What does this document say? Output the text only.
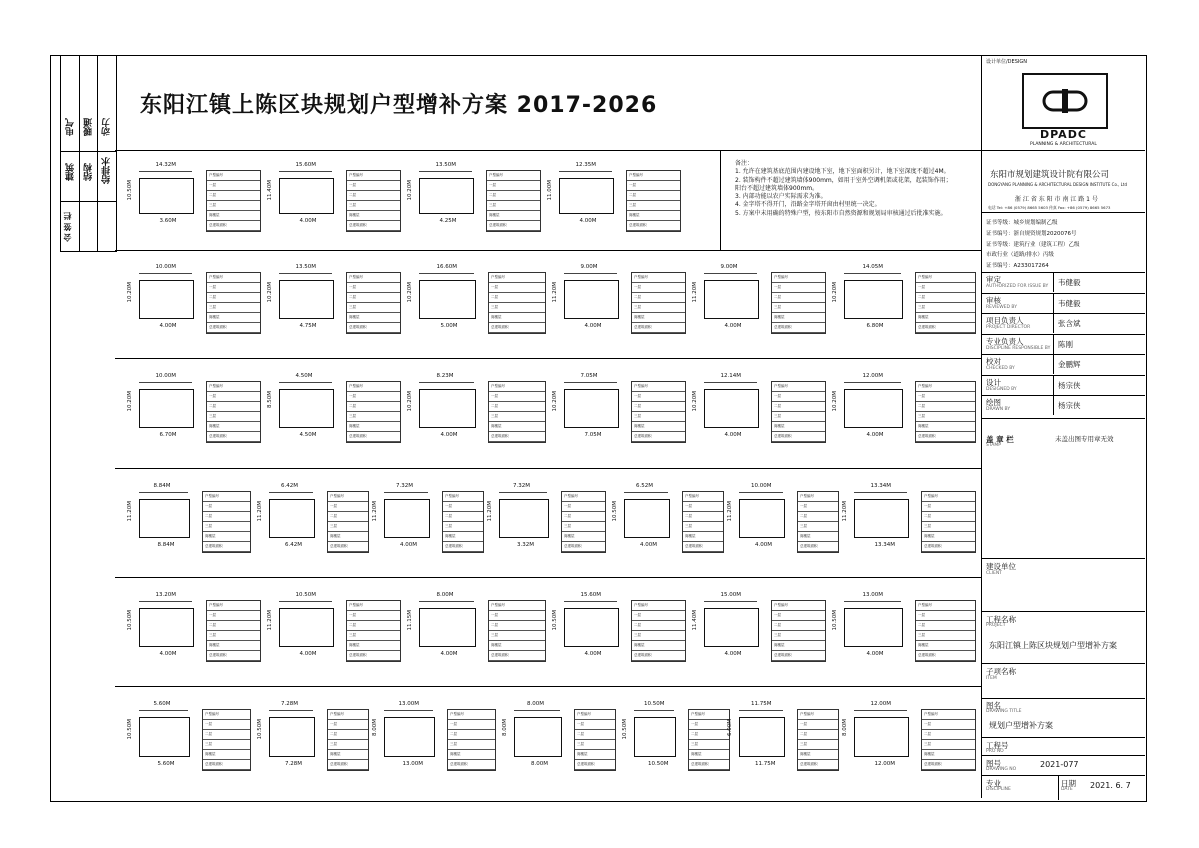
电气 暖通 动力
建筑 结构 给排水
会 签 栏
东阳江镇上陈区块规划户型增补方案 2017-2026
14.32M
10.50M
3.60M
户型编号
一层
二层
三层
阁楼层
总建筑面积
15.60M
11.40M
4.00M
户型编号
一层
二层
三层
阁楼层
总建筑面积
13.50M
10.20M
4.25M
户型编号
一层
二层
三层
阁楼层
总建筑面积
12.35M
11.00M
4.00M
户型编号
一层
二层
三层
阁楼层
总建筑面积
10.00M
10.20M
4.00M
户型编号
一层
二层
三层
阁楼层
总建筑面积
13.50M
10.20M
4.75M
户型编号
一层
二层
三层
阁楼层
总建筑面积
16.60M
10.20M
5.00M
户型编号
一层
二层
三层
阁楼层
总建筑面积
9.00M
11.20M
4.00M
户型编号
一层
二层
三层
阁楼层
总建筑面积
9.00M
11.20M
4.00M
户型编号
一层
二层
三层
阁楼层
总建筑面积
14.05M
10.20M
6.80M
户型编号
一层
二层
三层
阁楼层
总建筑面积
10.00M
10.20M
6.70M
户型编号
一层
二层
三层
阁楼层
总建筑面积
4.50M
8.50M
4.50M
户型编号
一层
二层
三层
阁楼层
总建筑面积
8.23M
10.20M
4.00M
户型编号
一层
二层
三层
阁楼层
总建筑面积
7.05M
10.20M
7.05M
户型编号
一层
二层
三层
阁楼层
总建筑面积
12.14M
10.20M
4.00M
户型编号
一层
二层
三层
阁楼层
总建筑面积
12.00M
10.20M
4.00M
户型编号
一层
二层
三层
阁楼层
总建筑面积
8.84M
11.20M
8.84M
户型编号
一层
二层
三层
阁楼层
总建筑面积
6.42M
11.20M
6.42M
户型编号
一层
二层
三层
阁楼层
总建筑面积
7.32M
11.20M
4.00M
户型编号
一层
二层
三层
阁楼层
总建筑面积
7.32M
11.20M
3.32M
户型编号
一层
二层
三层
阁楼层
总建筑面积
6.52M
10.50M
4.00M
户型编号
一层
二层
三层
阁楼层
总建筑面积
10.00M
11.20M
4.00M
户型编号
一层
二层
三层
阁楼层
总建筑面积
13.34M
11.20M
13.34M
户型编号
一层
二层
三层
阁楼层
总建筑面积
13.20M
10.50M
4.00M
户型编号
一层
二层
三层
阁楼层
总建筑面积
10.50M
11.20M
4.00M
户型编号
一层
二层
三层
阁楼层
总建筑面积
8.00M
11.15M
4.00M
户型编号
一层
二层
三层
阁楼层
总建筑面积
15.60M
10.50M
4.00M
户型编号
一层
二层
三层
阁楼层
总建筑面积
15.00M
11.40M
4.00M
户型编号
一层
二层
三层
阁楼层
总建筑面积
13.00M
10.50M
4.00M
户型编号
一层
二层
三层
阁楼层
总建筑面积
5.60M
10.50M
5.60M
户型编号
一层
二层
三层
阁楼层
总建筑面积
7.28M
10.50M
7.28M
户型编号
一层
二层
三层
阁楼层
总建筑面积
13.00M
8.00M
13.00M
户型编号
一层
二层
三层
阁楼层
总建筑面积
8.00M
8.00M
8.00M
户型编号
一层
二层
三层
阁楼层
总建筑面积
10.50M
10.50M
10.50M
户型编号
一层
二层
三层
阁楼层
总建筑面积
11.75M
6.00M
11.75M
户型编号
一层
二层
三层
阁楼层
总建筑面积
12.00M
8.00M
12.00M
户型编号
一层
二层
三层
阁楼层
总建筑面积
备注：
1. 允许在建筑基底范围内建设地下室，地下室面积另计，地下室深度不超过4M。
2. 装饰构件不超过建筑墙体900mm，如用于室外空调机架或花架，起装饰作用；
阳台不超过建筑墙体900mm。
3. 内部功能以农户实际需求为准。
4. 金字塔不得开门，沿路金字塔开窗由村里统一决定。
5. 方案中未用确的特殊户型，按东阳市自然资源和规划局审核通过后批准实施。
设计单位/DESIGN
DPADC
PLANNING & ARCHITECTURAL
东阳市规划建筑设计院有限公司
DONGYANG PLANNING & ARCHITECTURAL DESIGN INSTITUTE Co., Ltd
浙 江 省 东 阳 市 南 江 路 1 号
电话 Tel: +86 (0579) 8665 5603 传真 Fax: +86 (0579) 8665 5673
证书等级：城乡规划编制乙级
证书编号：浙自规资规划2020076号
证书等级：建筑行业（建筑工程）乙级
市政行业（道路/排水）丙级
证书编号：A233017264
审定
AUTHORIZED FOR ISSUE BY 韦健毅
审核
REVIEWED BY	韦健毅
项目负责人
PROJECT DIRECTOR	张含斌
专业负责人
DISCIPLINE RESPONSIBLE BY 陈刚
校对
CHECKED BY	金鹏辉
设计
DESIGNED BY	杨宗侠
绘图
DRAWN BY	杨宗侠
盖 章 栏
STAMP
未盖出图专用章无效
建设单位
CLIENT
工程名称
PROJECT
东阳江镇上陈区块规划户型增补方案
子项名称
ITEM
图名
DRAWING TITLE
规划户型增补方案
工程号
PRO NO
图号
DRAWING NO
2021-077
专业
DISCIPLINE
日期
DATE 2021. 6. 7
